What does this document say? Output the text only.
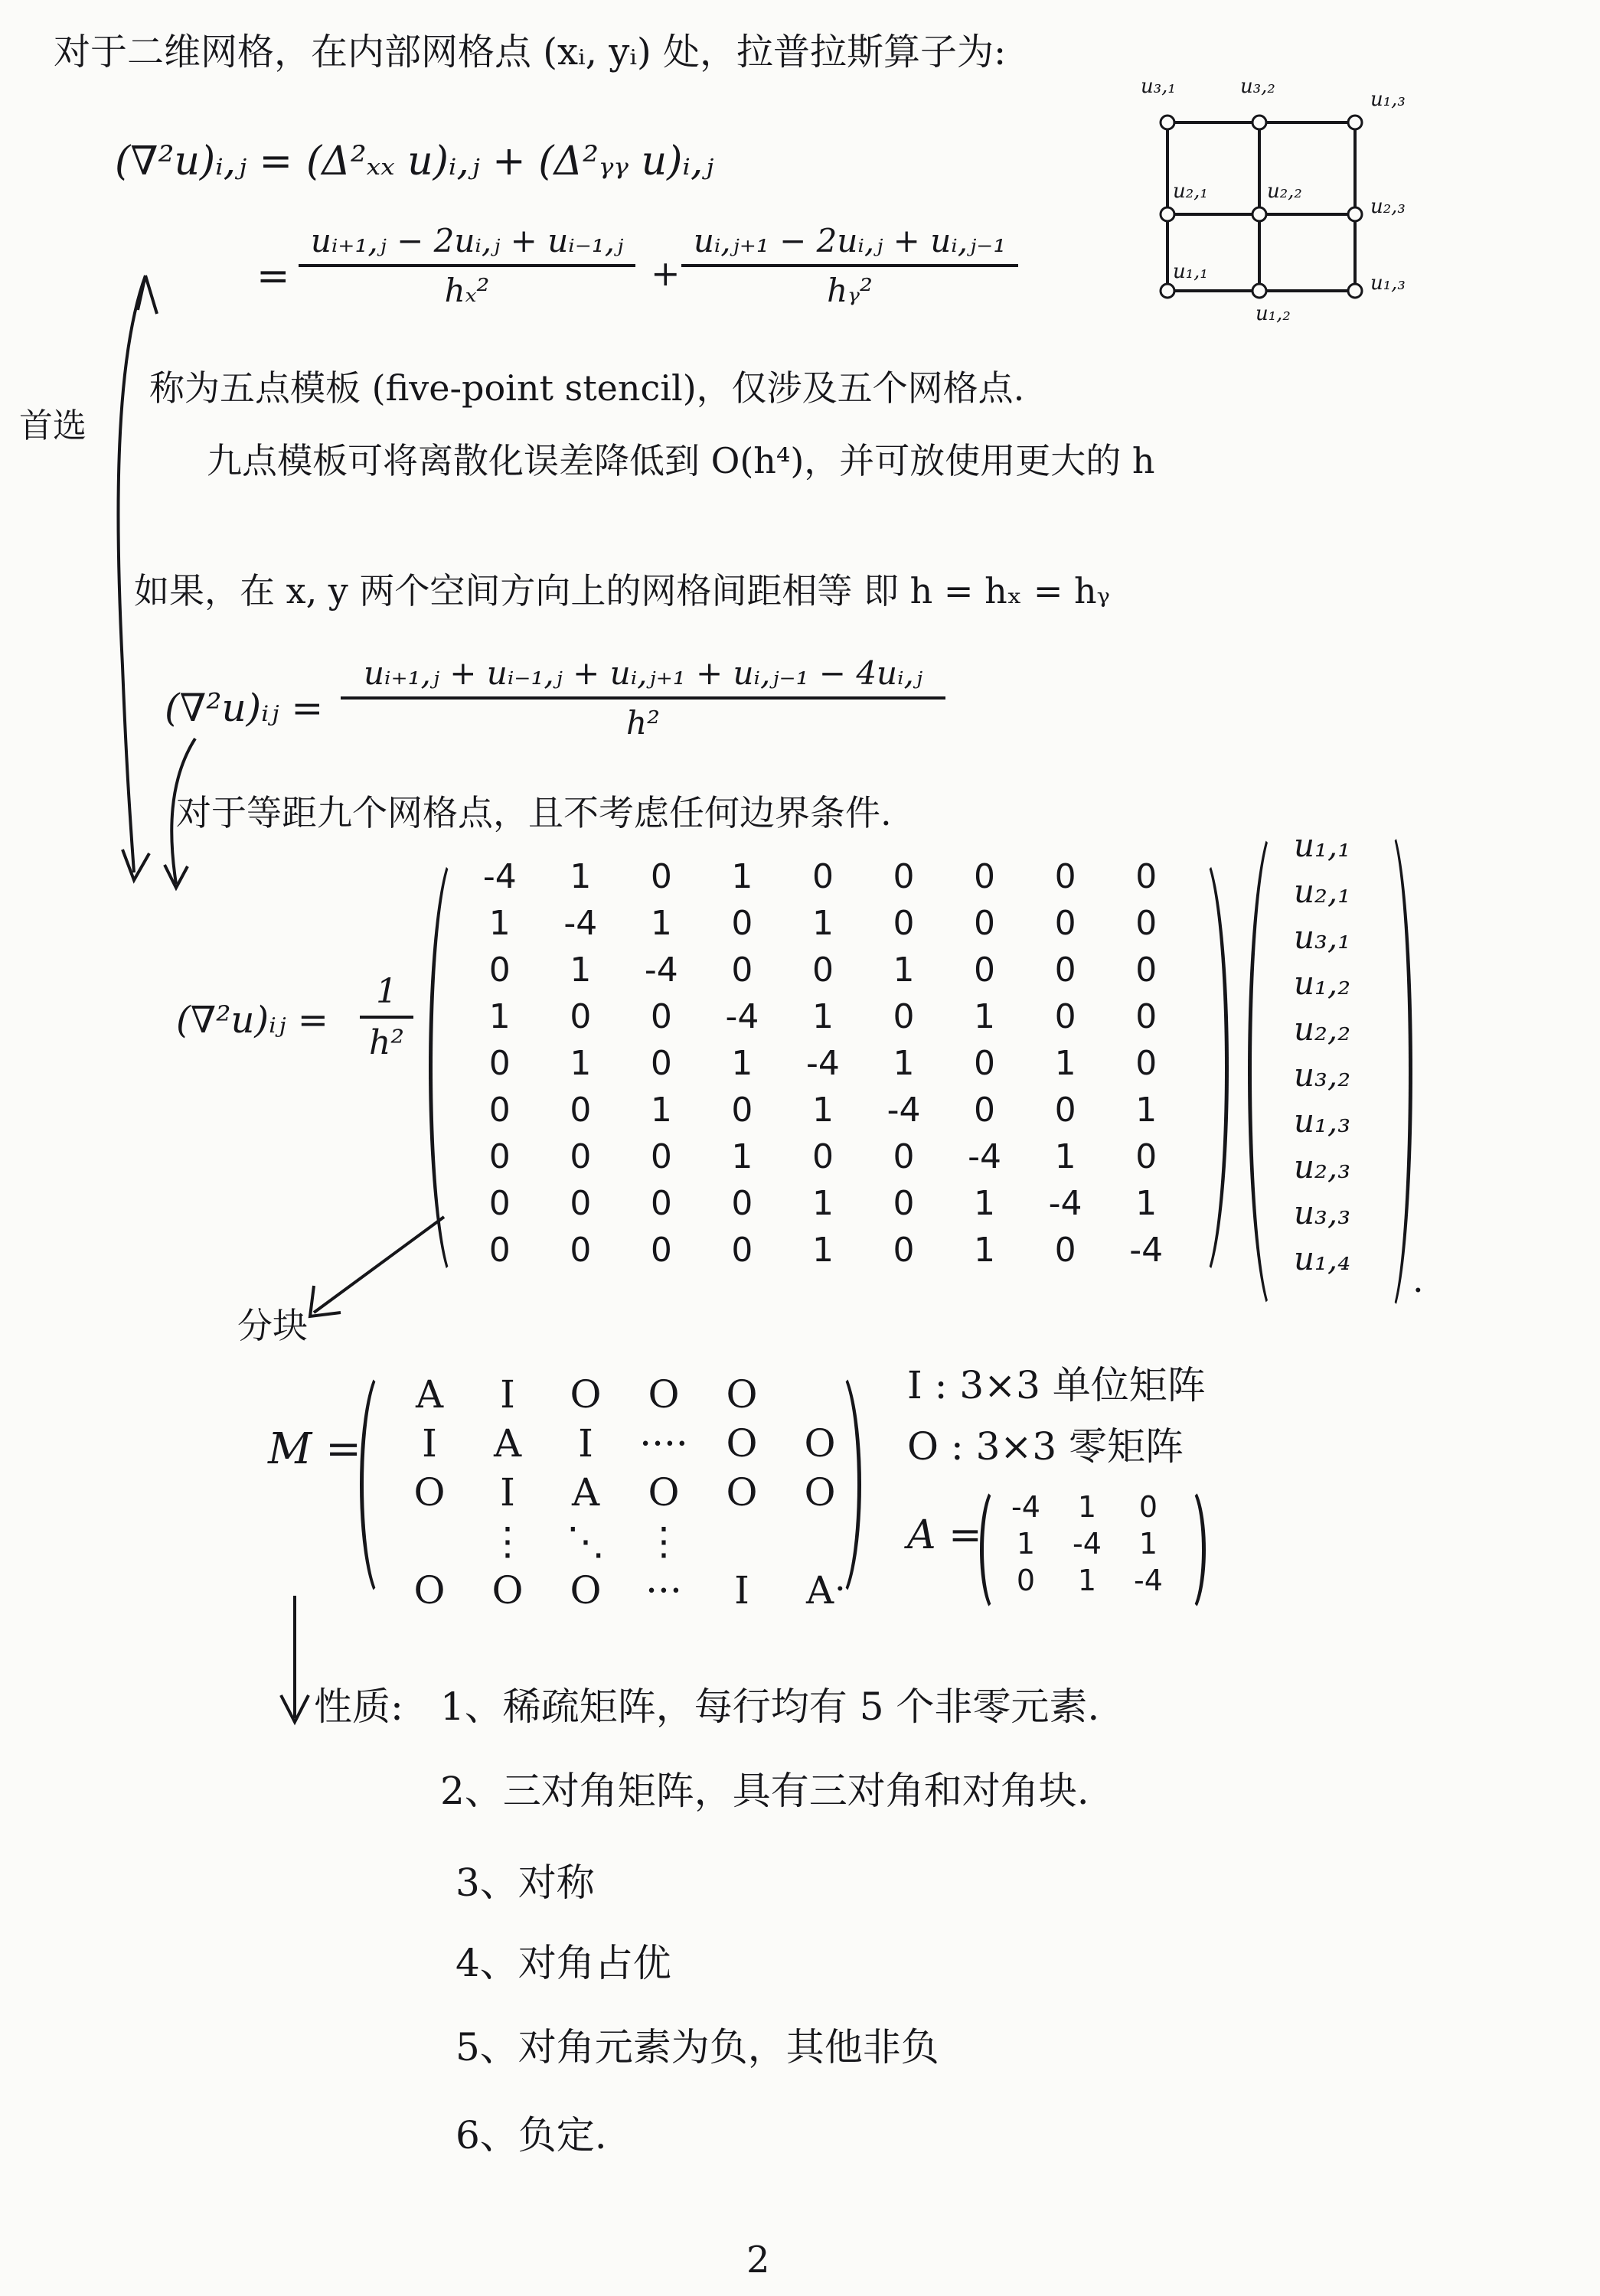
对于二维网格，在内部网格点 (xᵢ, yᵢ) 处，拉普拉斯算子为:
u₃,₁	u₃,₂
u₁,₃
u₂,₁	u₂,₂
u₂,₃
u₁,₁
u₁,₂
u₁,₃
(∇²u)ᵢ,ⱼ = (Δ²ₓₓ u)ᵢ,ⱼ + (Δ²ᵧᵧ u)ᵢ,ⱼ
=
uᵢ₊₁,ⱼ − 2uᵢ,ⱼ + uᵢ₋₁,ⱼ
hₓ²	+
uᵢ,ⱼ₊₁ − 2uᵢ,ⱼ + uᵢ,ⱼ₋₁
hᵧ²
首选
称为五点模板 (five-point stencil)，仅涉及五个网格点.
九点模板可将离散化误差降低到 O(h⁴)，并可放使用更大的 h
如果，在 x, y 两个空间方向上的网格间距相等 即 h = hₓ = hᵧ
(∇²u)ᵢⱼ =
uᵢ₊₁,ⱼ + uᵢ₋₁,ⱼ + uᵢ,ⱼ₊₁ + uᵢ,ⱼ₋₁ − 4uᵢ,ⱼ
h²
对于等距九个网格点，且不考虑任何边界条件.
(∇²u)ᵢⱼ =
1
h²
-4	1	0	1	0	0	0	0	0
1	-4	1	0	1	0	0	0	0
0	1	-4	0	0	1	0	0	0
1	0	0	-4	1	0	1	0	0
0	1	0	1	-4	1	0	1	0
0	0	1	0	1	-4	0	0	1
0	0	0	1	0	0	-4	1	0
0	0	0	0	1	0	1	-4	1
0	0	0	0	1	0	1	0	-4
u₁,₁
u₂,₁
u₃,₁
u₁,₂
u₂,₂
u₃,₂
u₁,₃
u₂,₃
u₃,₃
u₁,₄
.
分块
M =
A	I	O	O	O	
I	A	I	····	O	O
O	I	A	O	O	O
	⋮	⋱	⋮		
O	O	O	···	I	A .
I : 3×3 单位矩阵
O : 3×3 零矩阵
A =
-4	1	0
1	-4	1
0	1	-4
性质: 1、稀疏矩阵，每行均有 5 个非零元素.
2、三对角矩阵，具有三对角和对角块.
3、对称
4、对角占优
5、对角元素为负，其他非负
6、负定.
2
